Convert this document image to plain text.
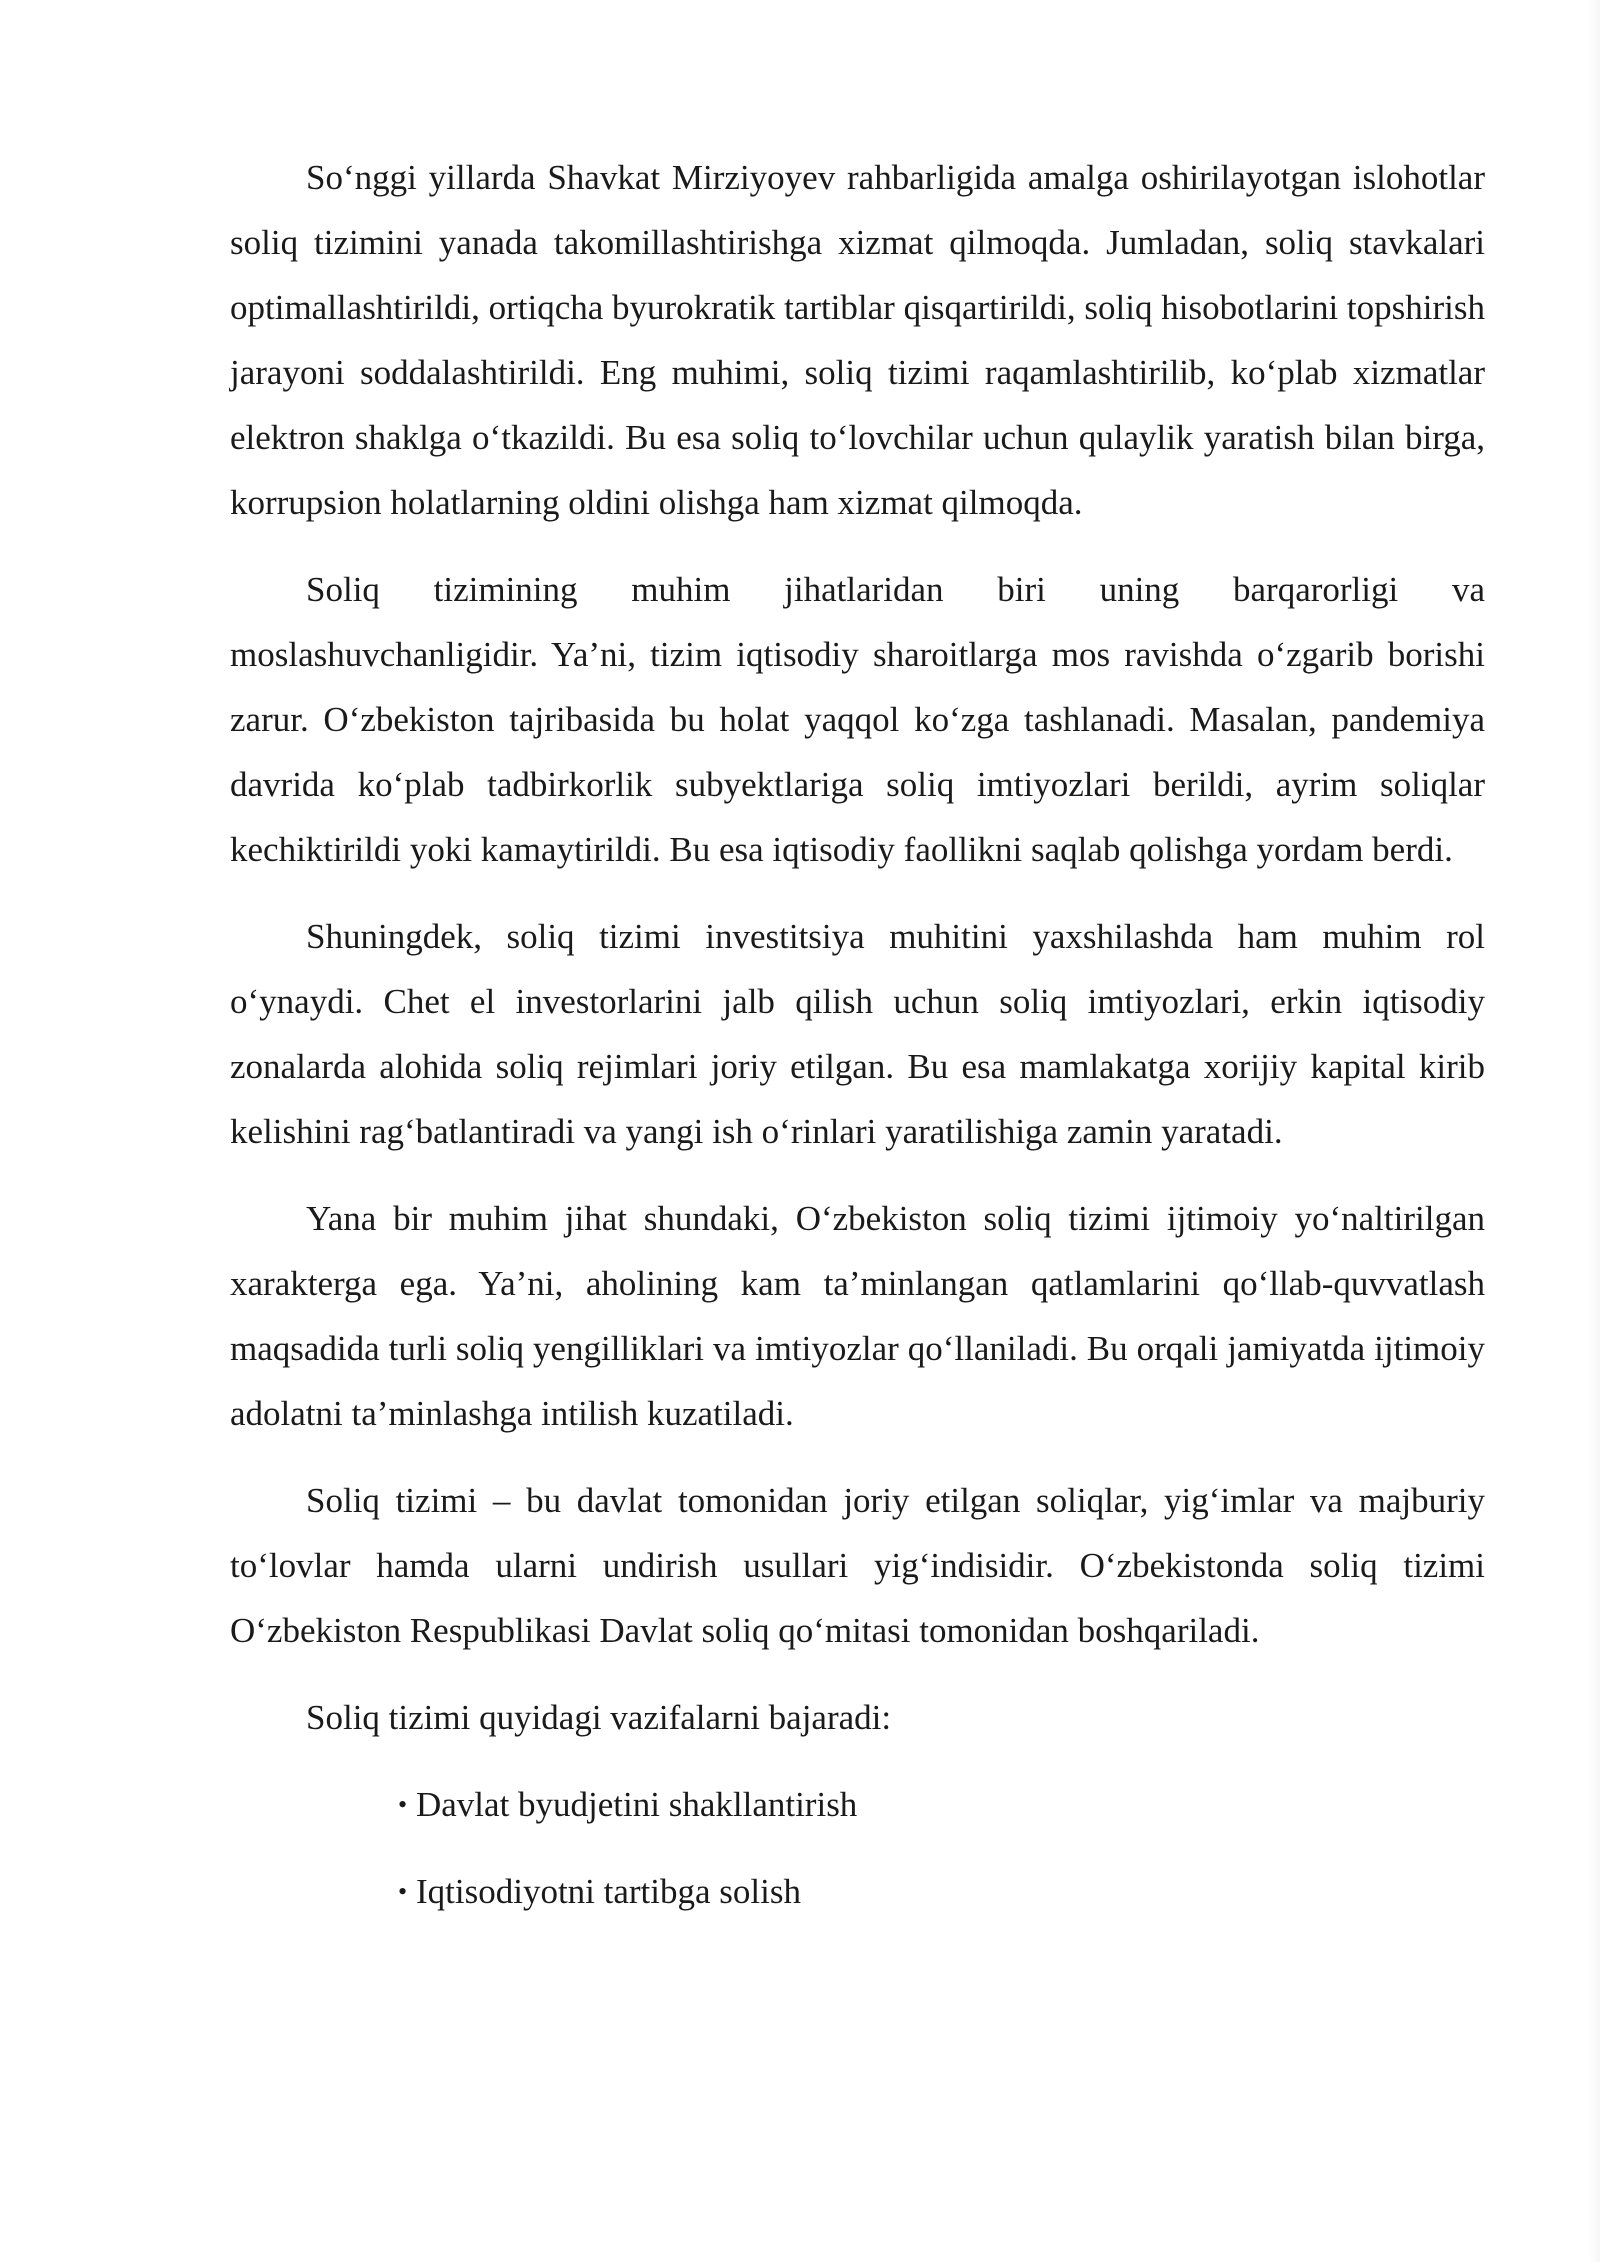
So‘nggi yillarda Shavkat Mirziyoyev rahbarligida amalga oshirilayotgan islohotlar soliq tizimini yanada takomillashtirishga xizmat qilmoqda. Jumladan, soliq stavkalari optimallashtirildi, ortiqcha byurokratik tartiblar qisqartirildi, soliq hisobotlarini topshirish jarayoni soddalashtirildi. Eng muhimi, soliq tizimi raqamlashtirilib, ko‘plab xizmatlar elektron shaklga o‘tkazildi. Bu esa soliq to‘lovchilar uchun qulaylik yaratish bilan birga, korrupsion holatlarning oldini olishga ham xizmat qilmoqda.

Soliq tizimining muhim jihatlaridan biri uning barqarorligi va moslashuvchanligidir. Ya’ni, tizim iqtisodiy sharoitlarga mos ravishda o‘zgarib borishi zarur. O‘zbekiston tajribasida bu holat yaqqol ko‘zga tashlanadi. Masalan, pandemiya davrida ko‘plab tadbirkorlik subyektlariga soliq imtiyozlari berildi, ayrim soliqlar kechiktirildi yoki kamaytirildi. Bu esa iqtisodiy faollikni saqlab qolishga yordam berdi.

Shuningdek, soliq tizimi investitsiya muhitini yaxshilashda ham muhim rol o‘ynaydi. Chet el investorlarini jalb qilish uchun soliq imtiyozlari, erkin iqtisodiy zonalarda alohida soliq rejimlari joriy etilgan. Bu esa mamlakatga xorijiy kapital kirib kelishini rag‘batlantiradi va yangi ish o‘rinlari yaratilishiga zamin yaratadi.

Yana bir muhim jihat shundaki, O‘zbekiston soliq tizimi ijtimoiy yo‘naltirilgan xarakterga ega. Ya’ni, aholining kam ta’minlangan qatlamlarini qo‘llab-quvvatlash maqsadida turli soliq yengilliklari va imtiyozlar qo‘llaniladi. Bu orqali jamiyatda ijtimoiy adolatni ta’minlashga intilish kuzatiladi.

Soliq tizimi – bu davlat tomonidan joriy etilgan soliqlar, yig‘imlar va majburiy to‘lovlar hamda ularni undirish usullari yig‘indisidir. O‘zbekistonda soliq tizimi O‘zbekiston Respublikasi Davlat soliq qo‘mitasi tomonidan boshqariladi.

Soliq tizimi quyidagi vazifalarni bajaradi:

• Davlat byudjetini shakllantirish
• Iqtisodiyotni tartibga solish
